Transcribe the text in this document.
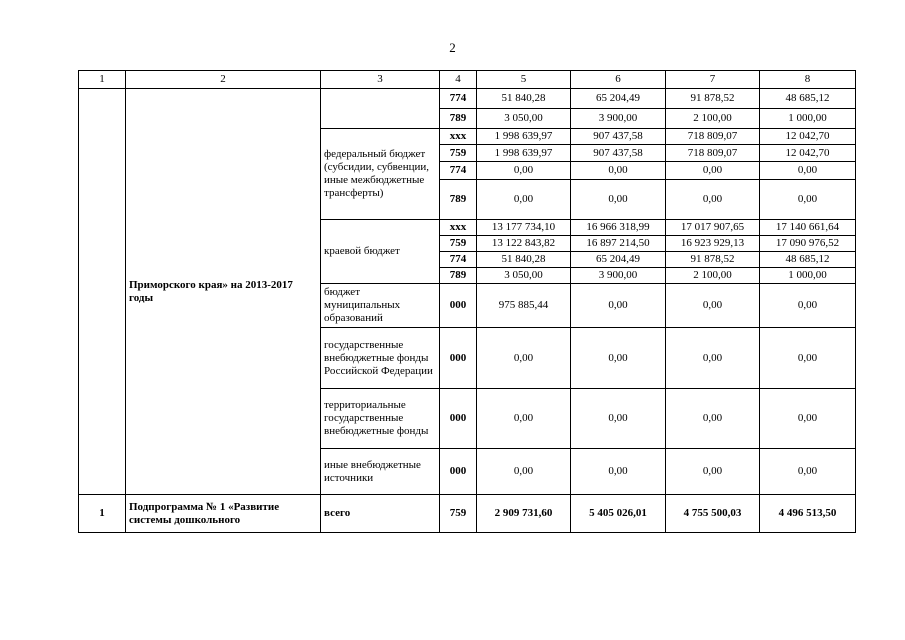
2
1	2	3	4	5	6	7	8
	Приморского края» на 2013-2017 годы		774	51 840,28	65 204,49	91 878,52	48 685,12
			789	3 050,00	3 900,00	2 100,00	1 000,00
		федеральный бюджет (субсидии, субвенции, иные межбюджетные трансферты)	xxx	1 998 639,97	907 437,58	718 809,07	12 042,70
			759	1 998 639,97	907 437,58	718 809,07	12 042,70
			774	0,00	0,00	0,00	0,00
			789	0,00	0,00	0,00	0,00
		краевой бюджет	xxx	13 177 734,10	16 966 318,99	17 017 907,65	17 140 661,64
			759	13 122 843,82	16 897 214,50	16 923 929,13	17 090 976,52
			774	51 840,28	65 204,49	91 878,52	48 685,12
			789	3 050,00	3 900,00	2 100,00	1 000,00
		бюджет муниципальных образований	000	975 885,44	0,00	0,00	0,00
		государственные внебюджетные фонды Российской Федерации	000	0,00	0,00	0,00	0,00
		территориальные государственные внебюджетные фонды	000	0,00	0,00	0,00	0,00
		иные внебюджетные источники	000	0,00	0,00	0,00	0,00
1	Подпрограмма № 1 «Развитие системы дошкольного	всего	759	2 909 731,60	5 405 026,01	4 755 500,03	4 496 513,50
